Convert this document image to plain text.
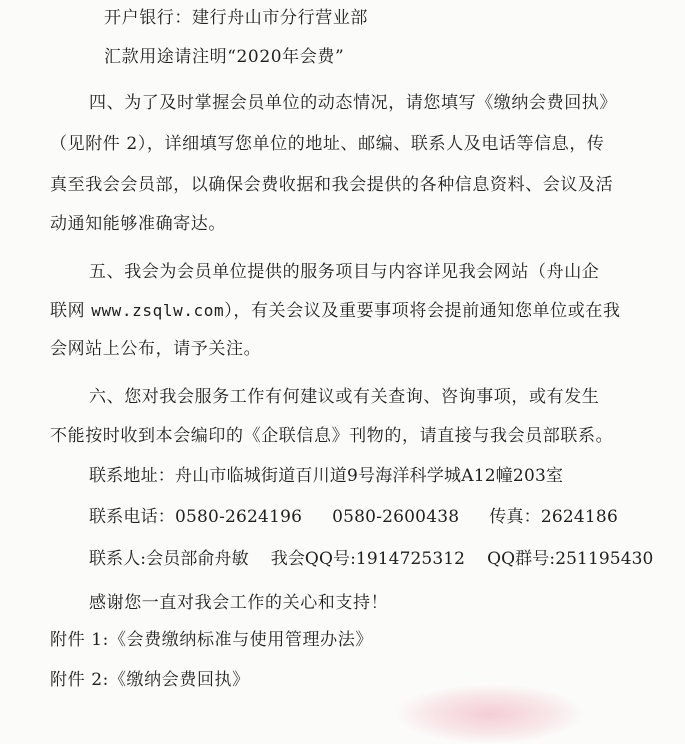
开户银行：建行舟山市分行营业部
汇款用途请注明“2020年会费”
四、为了及时掌握会员单位的动态情况，请您填写《缴纳会费回执》
（见附件 2），详细填写您单位的地址、邮编、联系人及电话等信息，传
真至我会会员部，以确保会费收据和我会提供的各种信息资料、会议及活
动通知能够准确寄达。
五、我会为会员单位提供的服务项目与内容详见我会网站（舟山企
联网 www.zsqlw.com），有关会议及重要事项将会提前通知您单位或在我
会网站上公布，请予关注。
六、您对我会服务工作有何建议或有关查询、咨询事项，或有发生
不能按时收到本会编印的《企联信息》刊物的，请直接与我会员部联系。
联系地址：舟山市临城街道百川道9号海洋科学城A12幢203室
联系电话：0580-2624196 0580-2600438 传真：2624186
联系人:会员部俞舟敏 我会QQ号:1914725312 QQ群号:251195430
感谢您一直对我会工作的关心和支持！
附件 1:《会费缴纳标准与使用管理办法》
附件 2:《缴纳会费回执》
